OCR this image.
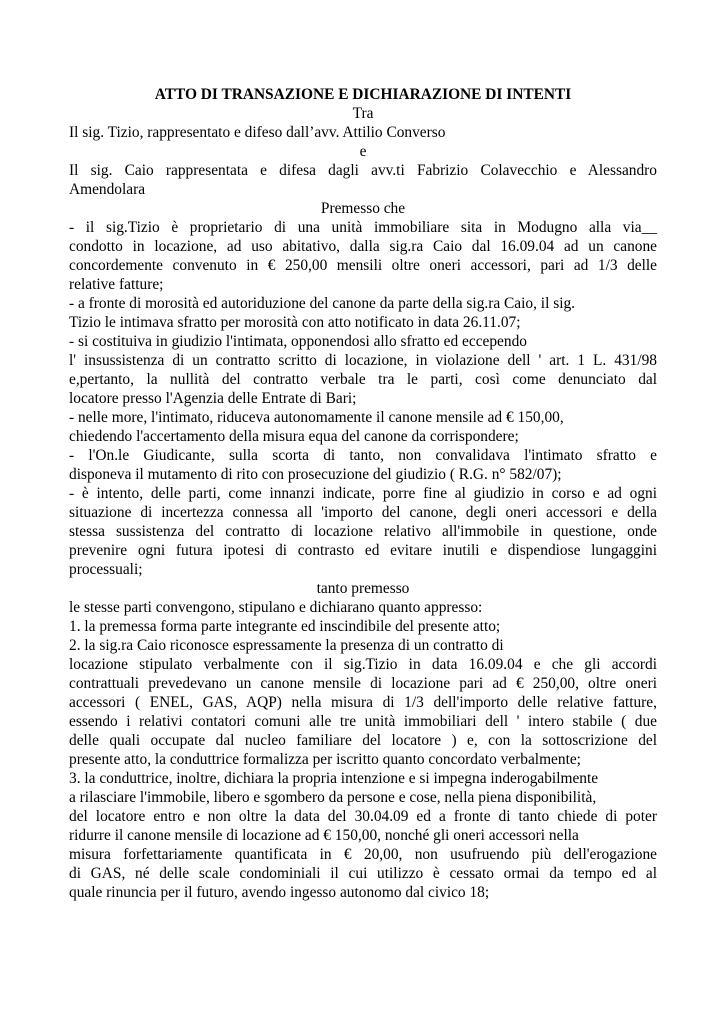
ATTO DI TRANSAZIONE E DICHIARAZIONE DI INTENTI

Tra

Il sig. Tizio, rappresentato e difeso dall’avv. Attilio Converso

e

Il sig. Caio rappresentata e difesa dagli avv.ti Fabrizio Colavecchio e Alessandro
Amendolara

Premesso che

- il sig.Tizio è proprietario di una unità immobiliare sita in Modugno alla via__
condotto in locazione, ad uso abitativo, dalla sig.ra Caio dal 16.09.04 ad un canone
concordemente convenuto in € 250,00 mensili oltre oneri accessori, pari ad 1/3 delle
relative fatture;
- a fronte di morosità ed autoriduzione del canone da parte della sig.ra Caio, il sig.
Tizio le intimava sfratto per morosità con atto notificato in data 26.11.07;
- si costituiva in giudizio l'intimata, opponendosi allo sfratto ed eccependo
l' insussistenza di un contratto scritto di locazione, in violazione dell ' art. 1 L. 431/98
e,pertanto, la nullità del contratto verbale tra le parti, così come denunciato dal
locatore presso l'Agenzia delle Entrate di Bari;
- nelle more, l'intimato, riduceva autonomamente il canone mensile ad € 150,00,
chiedendo l'accertamento della misura equa del canone da corrispondere;
- l'On.le Giudicante, sulla scorta di tanto, non convalidava l'intimato sfratto e
disponeva il mutamento di rito con prosecuzione del giudizio ( R.G. n° 582/07);
- è intento, delle parti, come innanzi indicate, porre fine al giudizio in corso e ad ogni
situazione di incertezza connessa all 'importo del canone, degli oneri accessori e della
stessa sussistenza del contratto di locazione relativo all'immobile in questione, onde
prevenire ogni futura ipotesi di contrasto ed evitare inutili e dispendiose lungaggini
processuali;

tanto premesso

le stesse parti convengono, stipulano e dichiarano quanto appresso:

1. la premessa forma parte integrante ed inscindibile del presente atto;
2. la sig.ra Caio riconosce espressamente la presenza di un contratto di
locazione stipulato verbalmente con il sig.Tizio in data 16.09.04 e che gli accordi
contrattuali prevedevano un canone mensile di locazione pari ad € 250,00, oltre oneri
accessori ( ENEL, GAS, AQP) nella misura di 1/3 dell'importo delle relative fatture,
essendo i relativi contatori comuni alle tre unità immobiliari dell ' intero stabile ( due
delle quali occupate dal nucleo familiare del locatore ) e, con la sottoscrizione del
presente atto, la conduttrice formalizza per iscritto quanto concordato verbalmente;
3. la conduttrice, inoltre, dichiara la propria intenzione e si impegna inderogabilmente
a rilasciare l'immobile, libero e sgombero da persone e cose, nella piena disponibilità,
del locatore entro e non oltre la data del 30.04.09 ed a fronte di tanto chiede di poter
ridurre il canone mensile di locazione ad € 150,00, nonché gli oneri accessori nella
misura forfettariamente quantificata in € 20,00, non usufruendo più dell'erogazione
di GAS, né delle scale condominiali il cui utilizzo è cessato ormai da tempo ed al
quale rinuncia per il futuro, avendo ingesso autonomo dal civico 18;
